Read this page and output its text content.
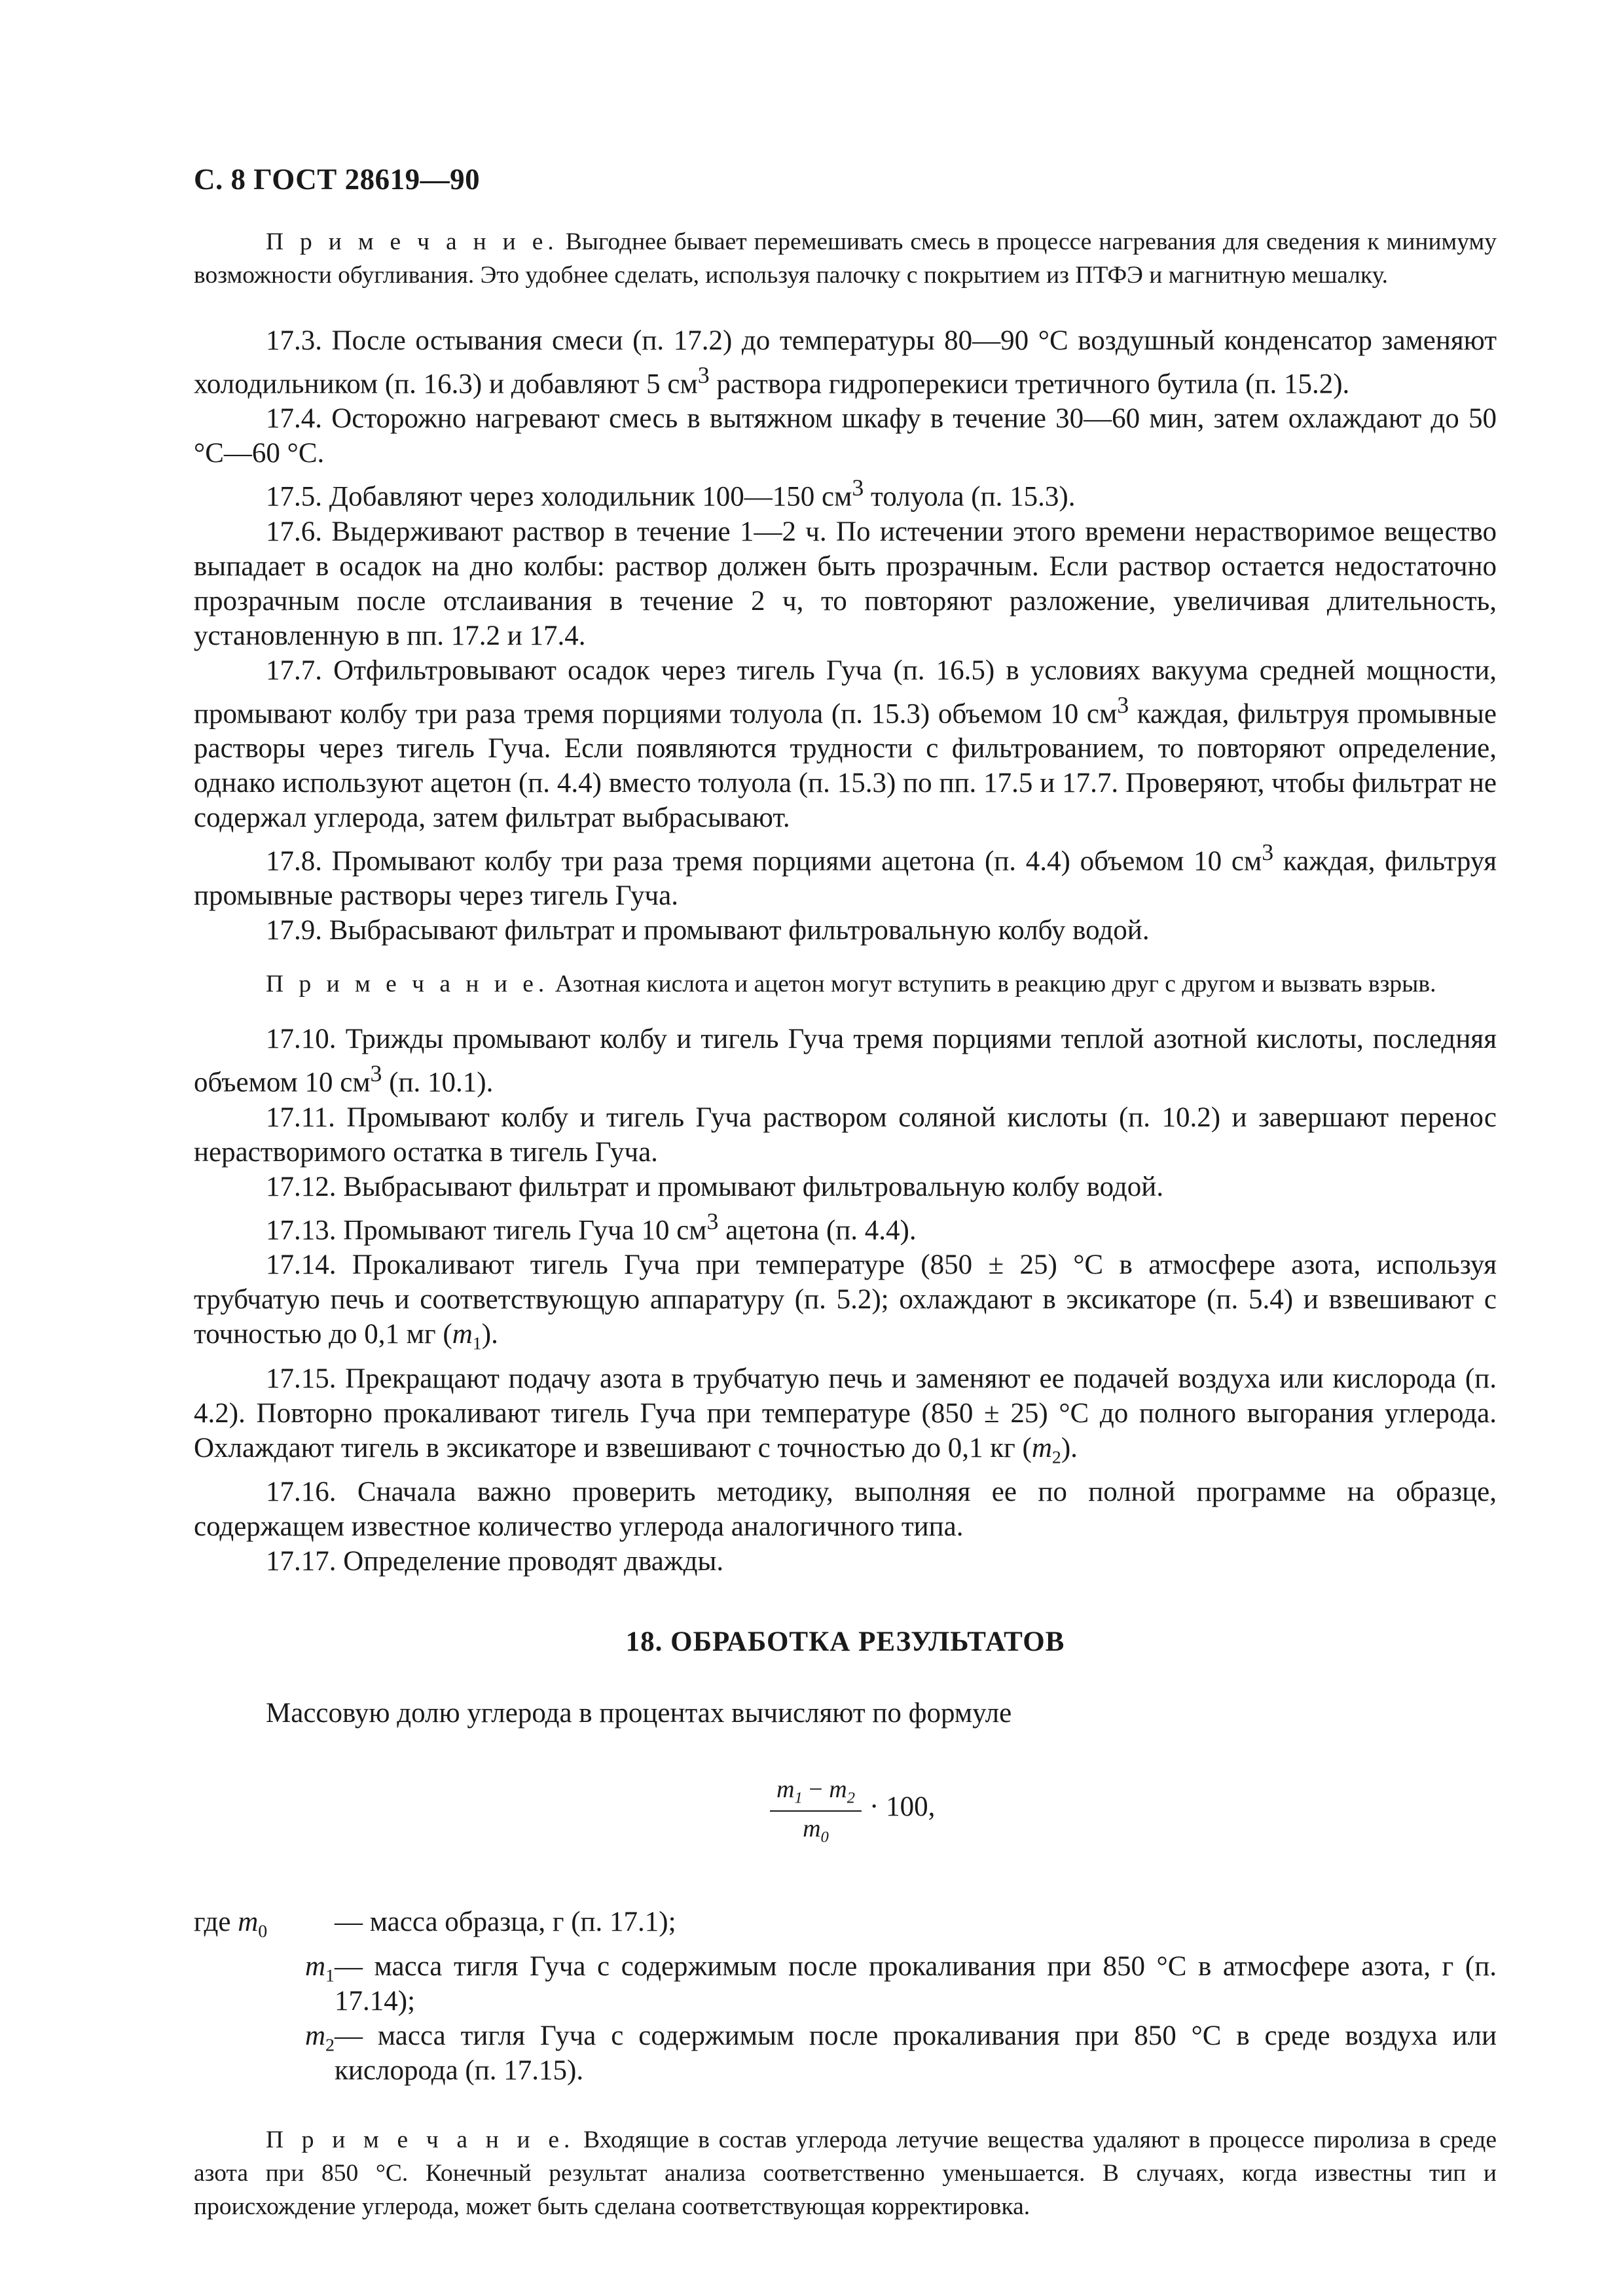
С. 8 ГОСТ 28619—90

П р и м е ч а н и е. Выгоднее бывает перемешивать смесь в процессе нагревания для сведения к минимуму возможности обугливания. Это удобнее сделать, используя палочку с покрытием из ПТФЭ и магнитную мешалку.

17.3. После остывания смеси (п. 17.2) до температуры 80—90 °С воздушный конденсатор заменяют холодильником (п. 16.3) и добавляют 5 $см^3$ раствора гидроперекиси третичного бутила (п. 15.2).

17.4. Осторожно нагревают смесь в вытяжном шкафу в течение 30—60 мин, затем охлаждают до 50 °С—60 °С.

17.5. Добавляют через холодильник 100—150 $см^3$ толуола (п. 15.3).

17.6. Выдерживают раствор в течение 1—2 ч. По истечении этого времени нерастворимое вещество выпадает в осадок на дно колбы: раствор должен быть прозрачным. Если раствор остается недостаточно прозрачным после отслаивания в течение 2 ч, то повторяют разложение, увеличивая длительность, установленную в пп. 17.2 и 17.4.

17.7. Отфильтровывают осадок через тигель Гуча (п. 16.5) в условиях вакуума средней мощности, промывают колбу три раза тремя порциями толуола (п. 15.3) объемом 10 $см^3$ каждая, фильтруя промывные растворы через тигель Гуча. Если появляются трудности с фильтрованием, то повторяют определение, однако используют ацетон (п. 4.4) вместо толуола (п. 15.3) по пп. 17.5 и 17.7. Проверяют, чтобы фильтрат не содержал углерода, затем фильтрат выбрасывают.

17.8. Промывают колбу три раза тремя порциями ацетона (п. 4.4) объемом 10 $см^3$ каждая, фильтруя промывные растворы через тигель Гуча.

17.9. Выбрасывают фильтрат и промывают фильтровальную колбу водой.

П р и м е ч а н и е. Азотная кислота и ацетон могут вступить в реакцию друг с другом и вызвать взрыв.

17.10. Трижды промывают колбу и тигель Гуча тремя порциями теплой азотной кислоты, последняя объемом 10 $см^3$ (п. 10.1).

17.11. Промывают колбу и тигель Гуча раствором соляной кислоты (п. 10.2) и завершают перенос нерастворимого остатка в тигель Гуча.

17.12. Выбрасывают фильтрат и промывают фильтровальную колбу водой.

17.13. Промывают тигель Гуча 10 $см^3$ ацетона (п. 4.4).

17.14. Прокаливают тигель Гуча при температуре (850 ± 25) °С в атмосфере азота, используя трубчатую печь и соответствующую аппаратуру (п. 5.2); охлаждают в эксикаторе (п. 5.4) и взвешивают с точностью до 0,1 мг $(m_1)$.

17.15. Прекращают подачу азота в трубчатую печь и заменяют ее подачей воздуха или кислорода (п. 4.2). Повторно прокаливают тигель Гуча при температуре (850 ± 25) °С до полного выгорания углерода. Охлаждают тигель в эксикаторе и взвешивают с точностью до 0,1 кг $(m_2)$.

17.16. Сначала важно проверить методику, выполняя ее по полной программе на образце, содержащем известное количество углерода аналогичного типа.

17.17. Определение проводят дважды.

18. ОБРАБОТКА РЕЗУЛЬТАТОВ

Массовую долю углерода в процентах вычисляют по формуле

$\frac{m_1 - m_2}{m_0} \cdot 100$,
где $m_0$	— масса образца, г (п. 17.1);
$m_1$ — масса тигля Гуча с содержимым после прокаливания при 850 °С в атмосфере азота, г (п. 17.14);
$m_2$ — масса тигля Гуча с содержимым после прокаливания при 850 °С в среде воздуха или кислорода (п. 17.15).

П р и м е ч а н и е. Входящие в состав углерода летучие вещества удаляют в процессе пиролиза в среде азота при 850 °С. Конечный результат анализа соответственно уменьшается. В случаях, когда известны тип и происхождение углерода, может быть сделана соответствующая корректировка.
